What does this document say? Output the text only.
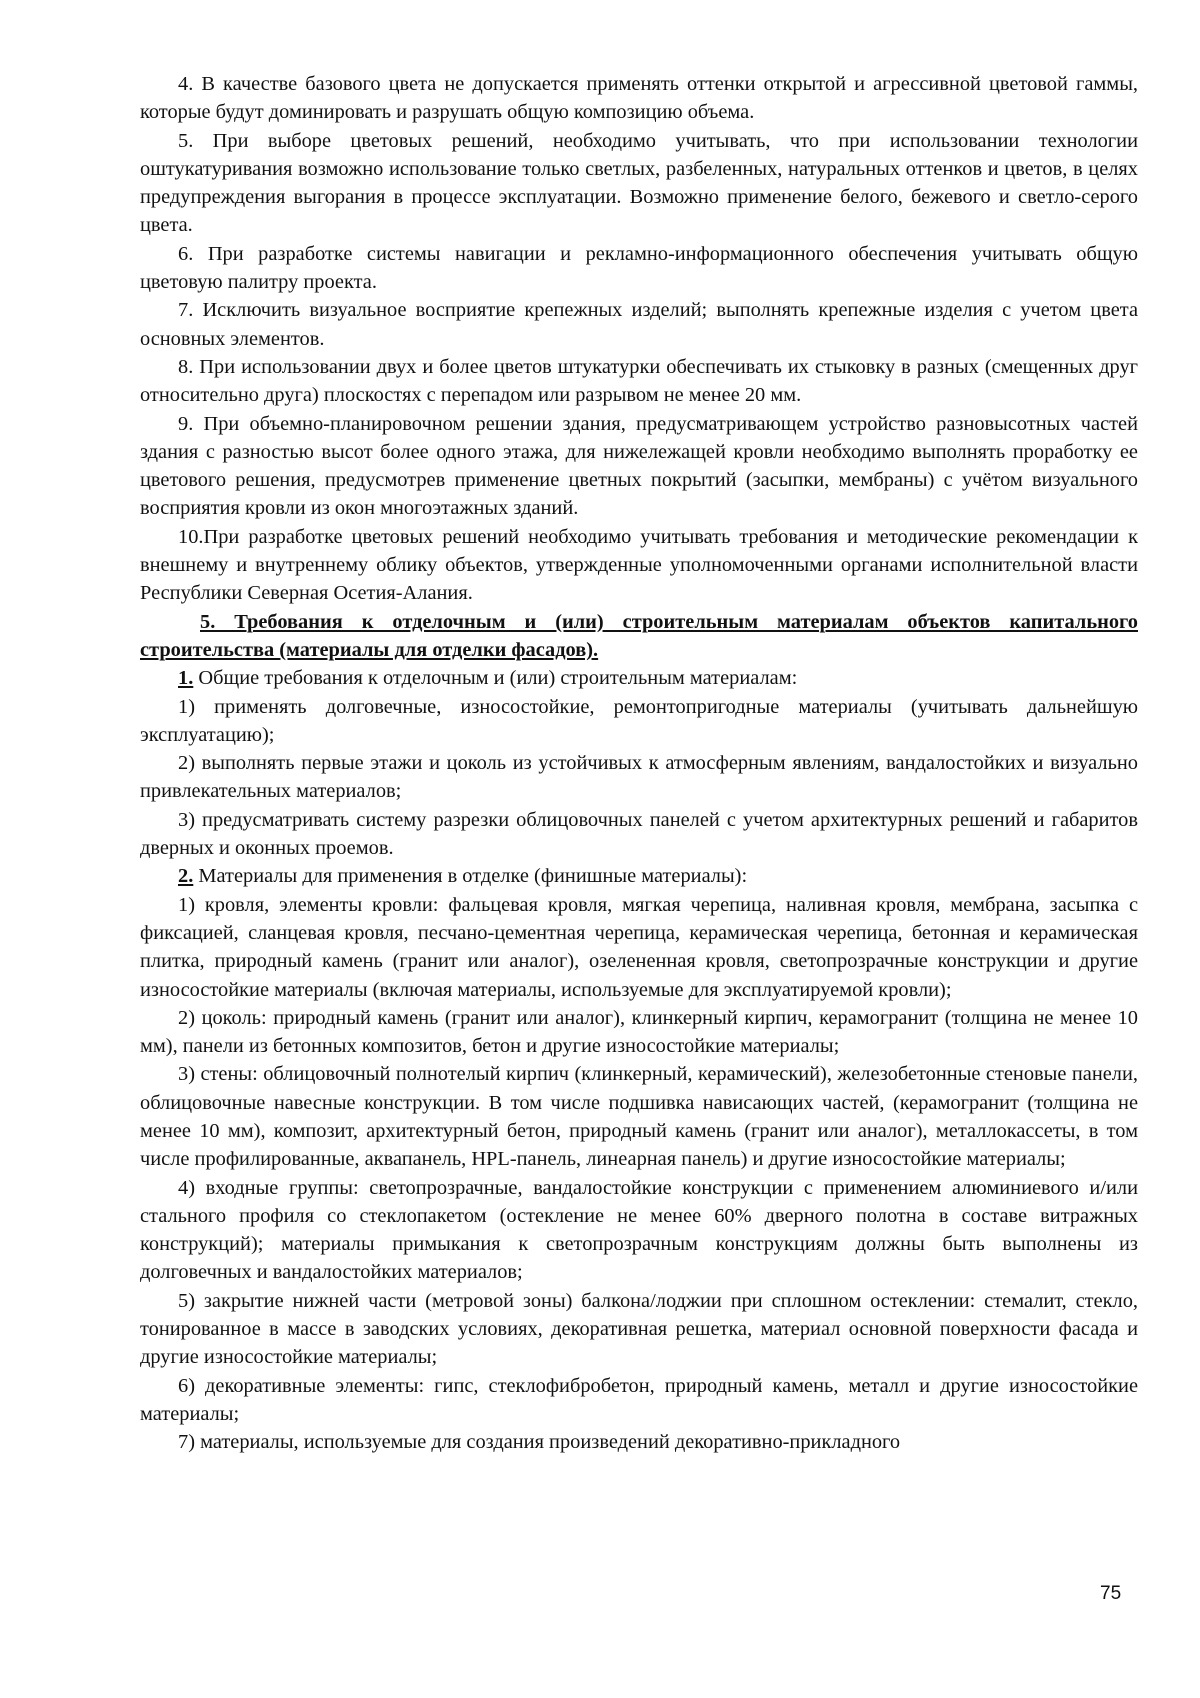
4. В качестве базового цвета не допускается применять оттенки открытой и агрессивной цветовой гаммы, которые будут доминировать и разрушать общую композицию объема.

5. При выборе цветовых решений, необходимо учитывать, что при использовании технологии оштукатуривания возможно использование только светлых, разбеленных, натуральных оттенков и цветов, в целях предупреждения выгорания в процессе эксплуатации. Возможно применение белого, бежевого и светло-серого цвета.

6. При разработке системы навигации и рекламно-информационного обеспечения учитывать общую цветовую палитру проекта.

7. Исключить визуальное восприятие крепежных изделий; выполнять крепежные изделия с учетом цвета основных элементов.

8. При использовании двух и более цветов штукатурки обеспечивать их стыковку в разных (смещенных друг относительно друга) плоскостях с перепадом или разрывом не менее 20 мм.

9. При объемно-планировочном решении здания, предусматривающем устройство разновысотных частей здания с разностью высот более одного этажа, для нижележащей кровли необходимо выполнять проработку ее цветового решения, предусмотрев применение цветных покрытий (засыпки, мембраны) с учётом визуального восприятия кровли из окон многоэтажных зданий.

10.При разработке цветовых решений необходимо учитывать требования и методические рекомендации к внешнему и внутреннему облику объектов, утвержденные уполномоченными органами исполнительной власти Республики Северная Осетия-Алания.

5. Требования к отделочным и (или) строительным материалам объектов капитального строительства (материалы для отделки фасадов).

1. Общие требования к отделочным и (или) строительным материалам:

1) применять долговечные, износостойкие, ремонтопригодные материалы (учитывать дальнейшую эксплуатацию);

2) выполнять первые этажи и цоколь из устойчивых к атмосферным явлениям, вандалостойких и визуально привлекательных материалов;

3) предусматривать систему разрезки облицовочных панелей с учетом архитектурных решений и габаритов дверных и оконных проемов.

2. Материалы для применения в отделке (финишные материалы):

1) кровля, элементы кровли: фальцевая кровля, мягкая черепица, наливная кровля, мембрана, засыпка с фиксацией, сланцевая кровля, песчано-цементная черепица, керамическая черепица, бетонная и керамическая плитка, природный камень (гранит или аналог), озелененная кровля, светопрозрачные конструкции и другие износостойкие материалы (включая материалы, используемые для эксплуатируемой кровли);

2) цоколь: природный камень (гранит или аналог), клинкерный кирпич, керамогранит (толщина не менее 10 мм), панели из бетонных композитов, бетон и другие износостойкие материалы;

3) стены: облицовочный полнотелый кирпич (клинкерный, керамический), железобетонные стеновые панели, облицовочные навесные конструкции. В том числе подшивка нависающих частей, (керамогранит (толщина не менее 10 мм), композит, архитектурный бетон, природный камень (гранит или аналог), металлокассеты, в том числе профилированные, аквапанель, HPL-панель, линеарная панель) и другие износостойкие материалы;

4) входные группы: светопрозрачные, вандалостойкие конструкции с применением алюминиевого и/или стального профиля со стеклопакетом (остекление не менее 60% дверного полотна в составе витражных конструкций); материалы примыкания к светопрозрачным конструкциям должны быть выполнены из долговечных и вандалостойких материалов;

5) закрытие нижней части (метровой зоны) балкона/лоджии при сплошном остеклении: стемалит, стекло, тонированное в массе в заводских условиях, декоративная решетка, материал основной поверхности фасада и другие износостойкие материалы;

6) декоративные элементы: гипс, стеклофибробетон, природный камень, металл и другие износостойкие материалы;

7) материалы, используемые для создания произведений декоративно-прикладного

75
